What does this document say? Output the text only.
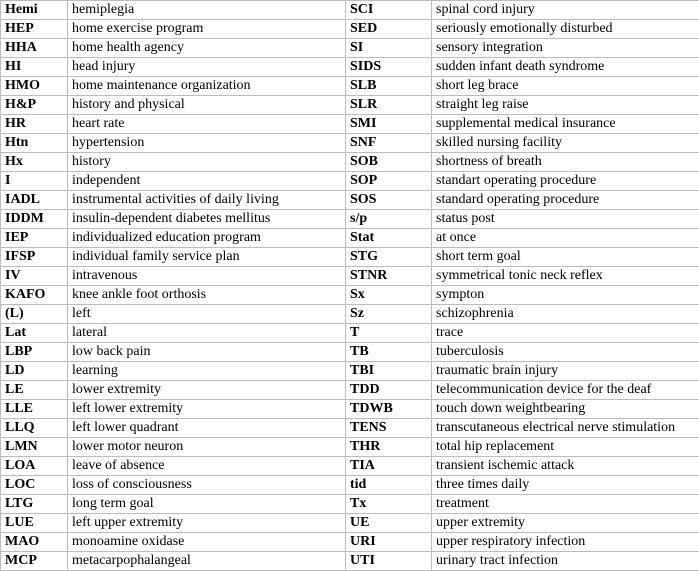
Hemi	hemiplegia	SCI	spinal cord injury
HEP	home exercise program	SED	seriously emotionally disturbed
HHA	home health agency	SI	sensory integration
HI	head injury	SIDS	sudden infant death syndrome
HMO	home maintenance organization	SLB	short leg brace
H&P	history and physical	SLR	straight leg raise
HR	heart rate	SMI	supplemental medical insurance
Htn	hypertension	SNF	skilled nursing facility
Hx	history	SOB	shortness of breath
I	independent	SOP	standart operating procedure
IADL	instrumental activities of daily living	SOS	standard operating procedure
IDDM	insulin-dependent diabetes mellitus	s/p	status post
IEP	individualized education program	Stat	at once
IFSP	individual family service plan	STG	short term goal
IV	intravenous	STNR	symmetrical tonic neck reflex
KAFO	knee ankle foot orthosis	Sx	sympton
(L)	left	Sz	schizophrenia
Lat	lateral	T	trace
LBP	low back pain	TB	tuberculosis
LD	learning	TBI	traumatic brain injury
LE	lower extremity	TDD	telecommunication device for the deaf
LLE	left lower extremity	TDWB	touch down weightbearing
LLQ	left lower quadrant	TENS	transcutaneous electrical nerve stimulation
LMN	lower motor neuron	THR	total hip replacement
LOA	leave of absence	TIA	transient ischemic attack
LOC	loss of consciousness	tid	three times daily
LTG	long term goal	Tx	treatment
LUE	left upper extremity	UE	upper extremity
MAO	monoamine oxidase	URI	upper respiratory infection
MCP	metacarpophalangeal	UTI	urinary tract infection
